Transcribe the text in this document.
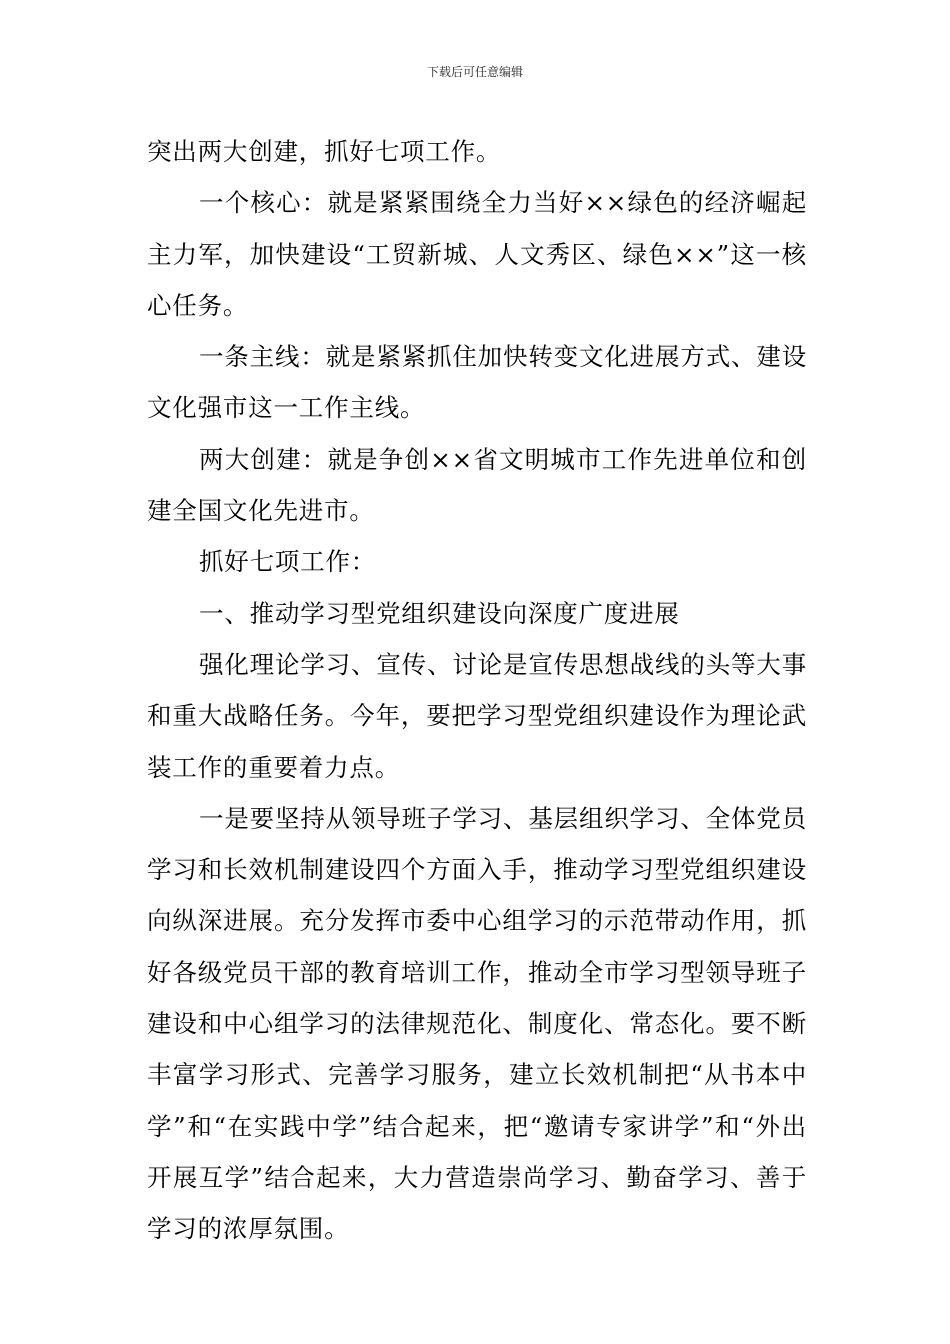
下载后可任意编辑

突出两大创建，抓好七项工作。

一个核心：就是紧紧围绕全力当好××绿色的经济崛起主力军，加快建设“工贸新城、人文秀区、绿色××”这一核心任务。

一条主线：就是紧紧抓住加快转变文化进展方式、建设文化强市这一工作主线。

两大创建：就是争创××省文明城市工作先进单位和创建全国文化先进市。

抓好七项工作：

一、推动学习型党组织建设向深度广度进展

强化理论学习、宣传、讨论是宣传思想战线的头等大事和重大战略任务。今年，要把学习型党组织建设作为理论武装工作的重要着力点。

一是要坚持从领导班子学习、基层组织学习、全体党员学习和长效机制建设四个方面入手，推动学习型党组织建设向纵深进展。充分发挥市委中心组学习的示范带动作用，抓好各级党员干部的教育培训工作，推动全市学习型领导班子建设和中心组学习的法律规范化、制度化、常态化。要不断丰富学习形式、完善学习服务，建立长效机制把“从书本中学”和“在实践中学”结合起来，把“邀请专家讲学”和“外出开展互学”结合起来，大力营造崇尚学习、勤奋学习、善于学习的浓厚氛围。
